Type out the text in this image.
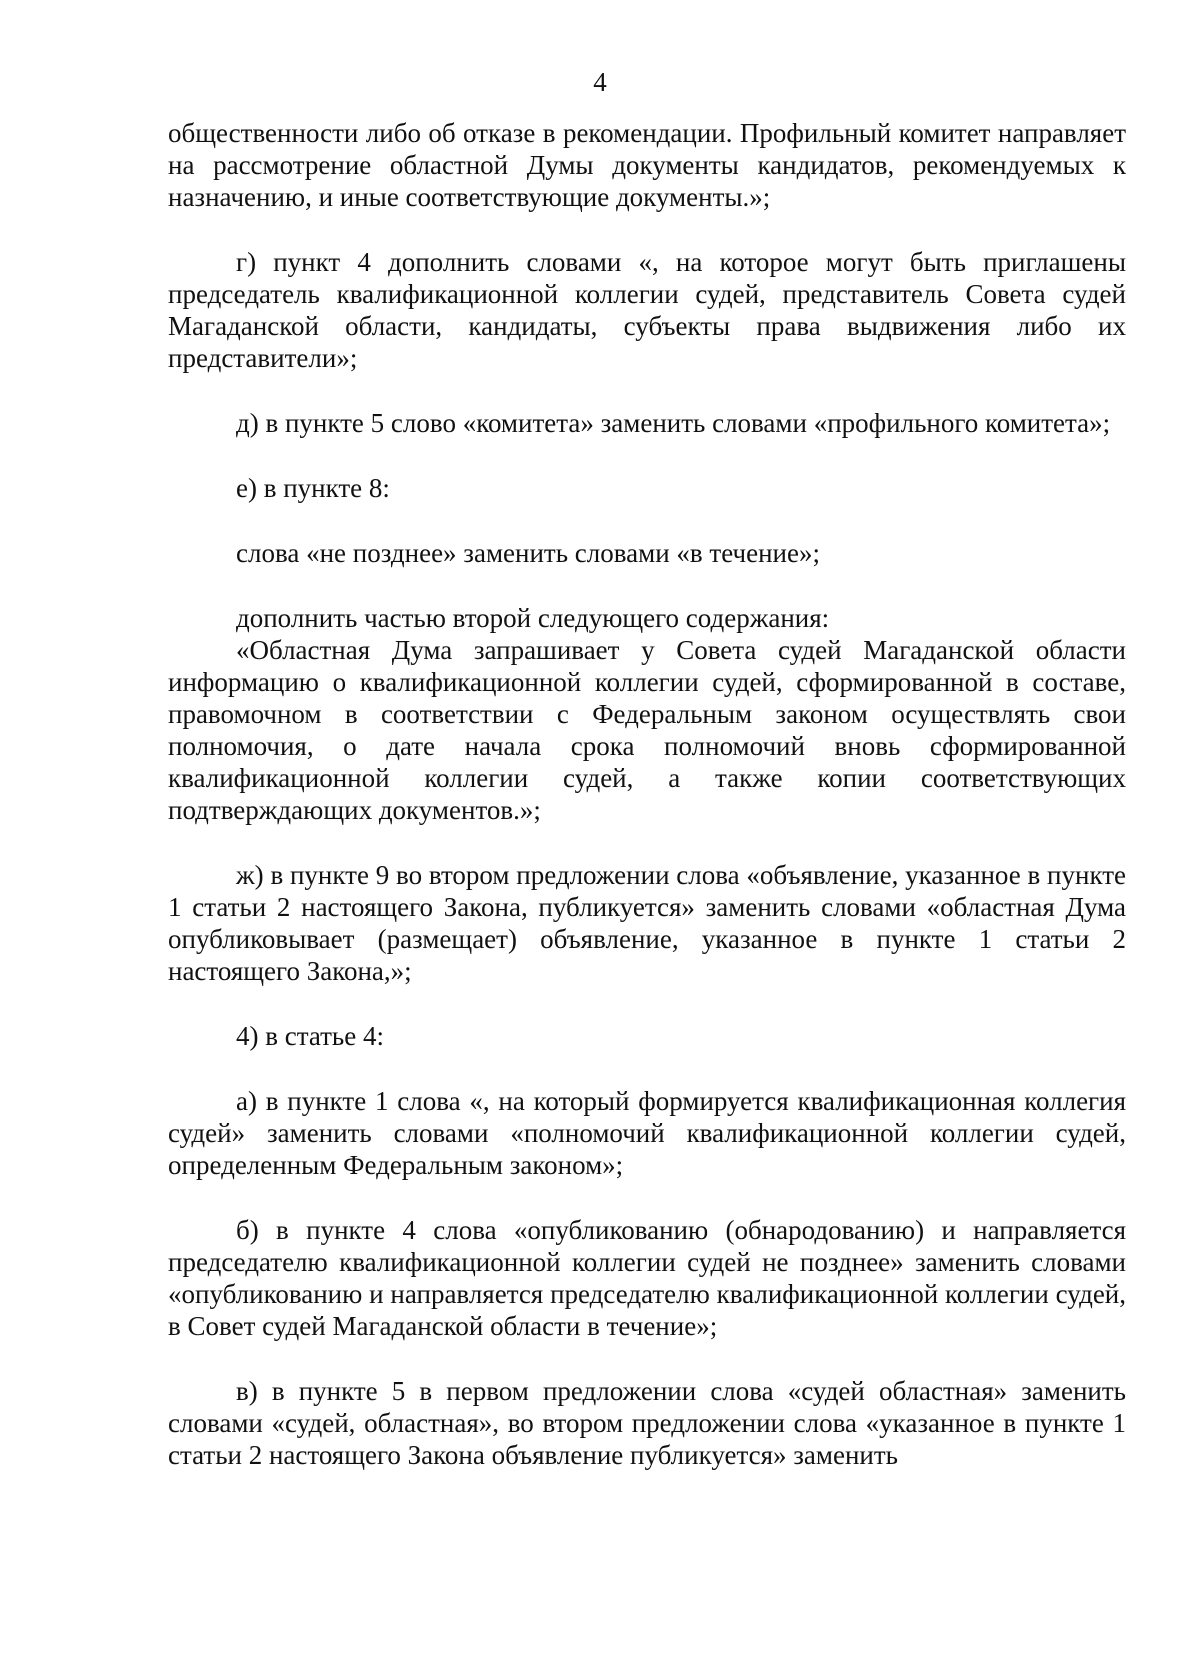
4

общественности либо об отказе в рекомендации. Профильный комитет направляет на рассмотрение областной Думы документы кандидатов, рекомендуемых к назначению, и иные соответствующие документы.»;

г) пункт 4 дополнить словами «, на которое могут быть приглашены председатель квалификационной коллегии судей, представитель Совета судей Магаданской области, кандидаты, субъекты права выдвижения либо их представители»;

д) в пункте 5 слово «комитета» заменить словами «профильного комитета»;

е) в пункте 8:

слова «не позднее» заменить словами «в течение»;

дополнить частью второй следующего содержания:

«Областная Дума запрашивает у Совета судей Магаданской области информацию о квалификационной коллегии судей, сформированной в составе, правомочном в соответствии с Федеральным законом осуществлять свои полномочия, о дате начала срока полномочий вновь сформированной квалификационной коллегии судей, а также копии соответствующих подтверждающих документов.»;

ж) в пункте 9 во втором предложении слова «объявление, указанное в пункте 1 статьи 2 настоящего Закона, публикуется» заменить словами «областная Дума опубликовывает (размещает) объявление, указанное в пункте 1 статьи 2 настоящего Закона,»;

4) в статье 4:

а) в пункте 1 слова «, на который формируется квалификационная коллегия судей» заменить словами «полномочий квалификационной коллегии судей, определенным Федеральным законом»;

б) в пункте 4 слова «опубликованию (обнародованию) и направляется председателю квалификационной коллегии судей не позднее» заменить словами «опубликованию и направляется председателю квалификационной коллегии судей, в Совет судей Магаданской области в течение»;

в) в пункте 5 в первом предложении слова «судей областная» заменить словами «судей, областная», во втором предложении слова «указанное в пункте 1 статьи 2 настоящего Закона объявление публикуется» заменить
